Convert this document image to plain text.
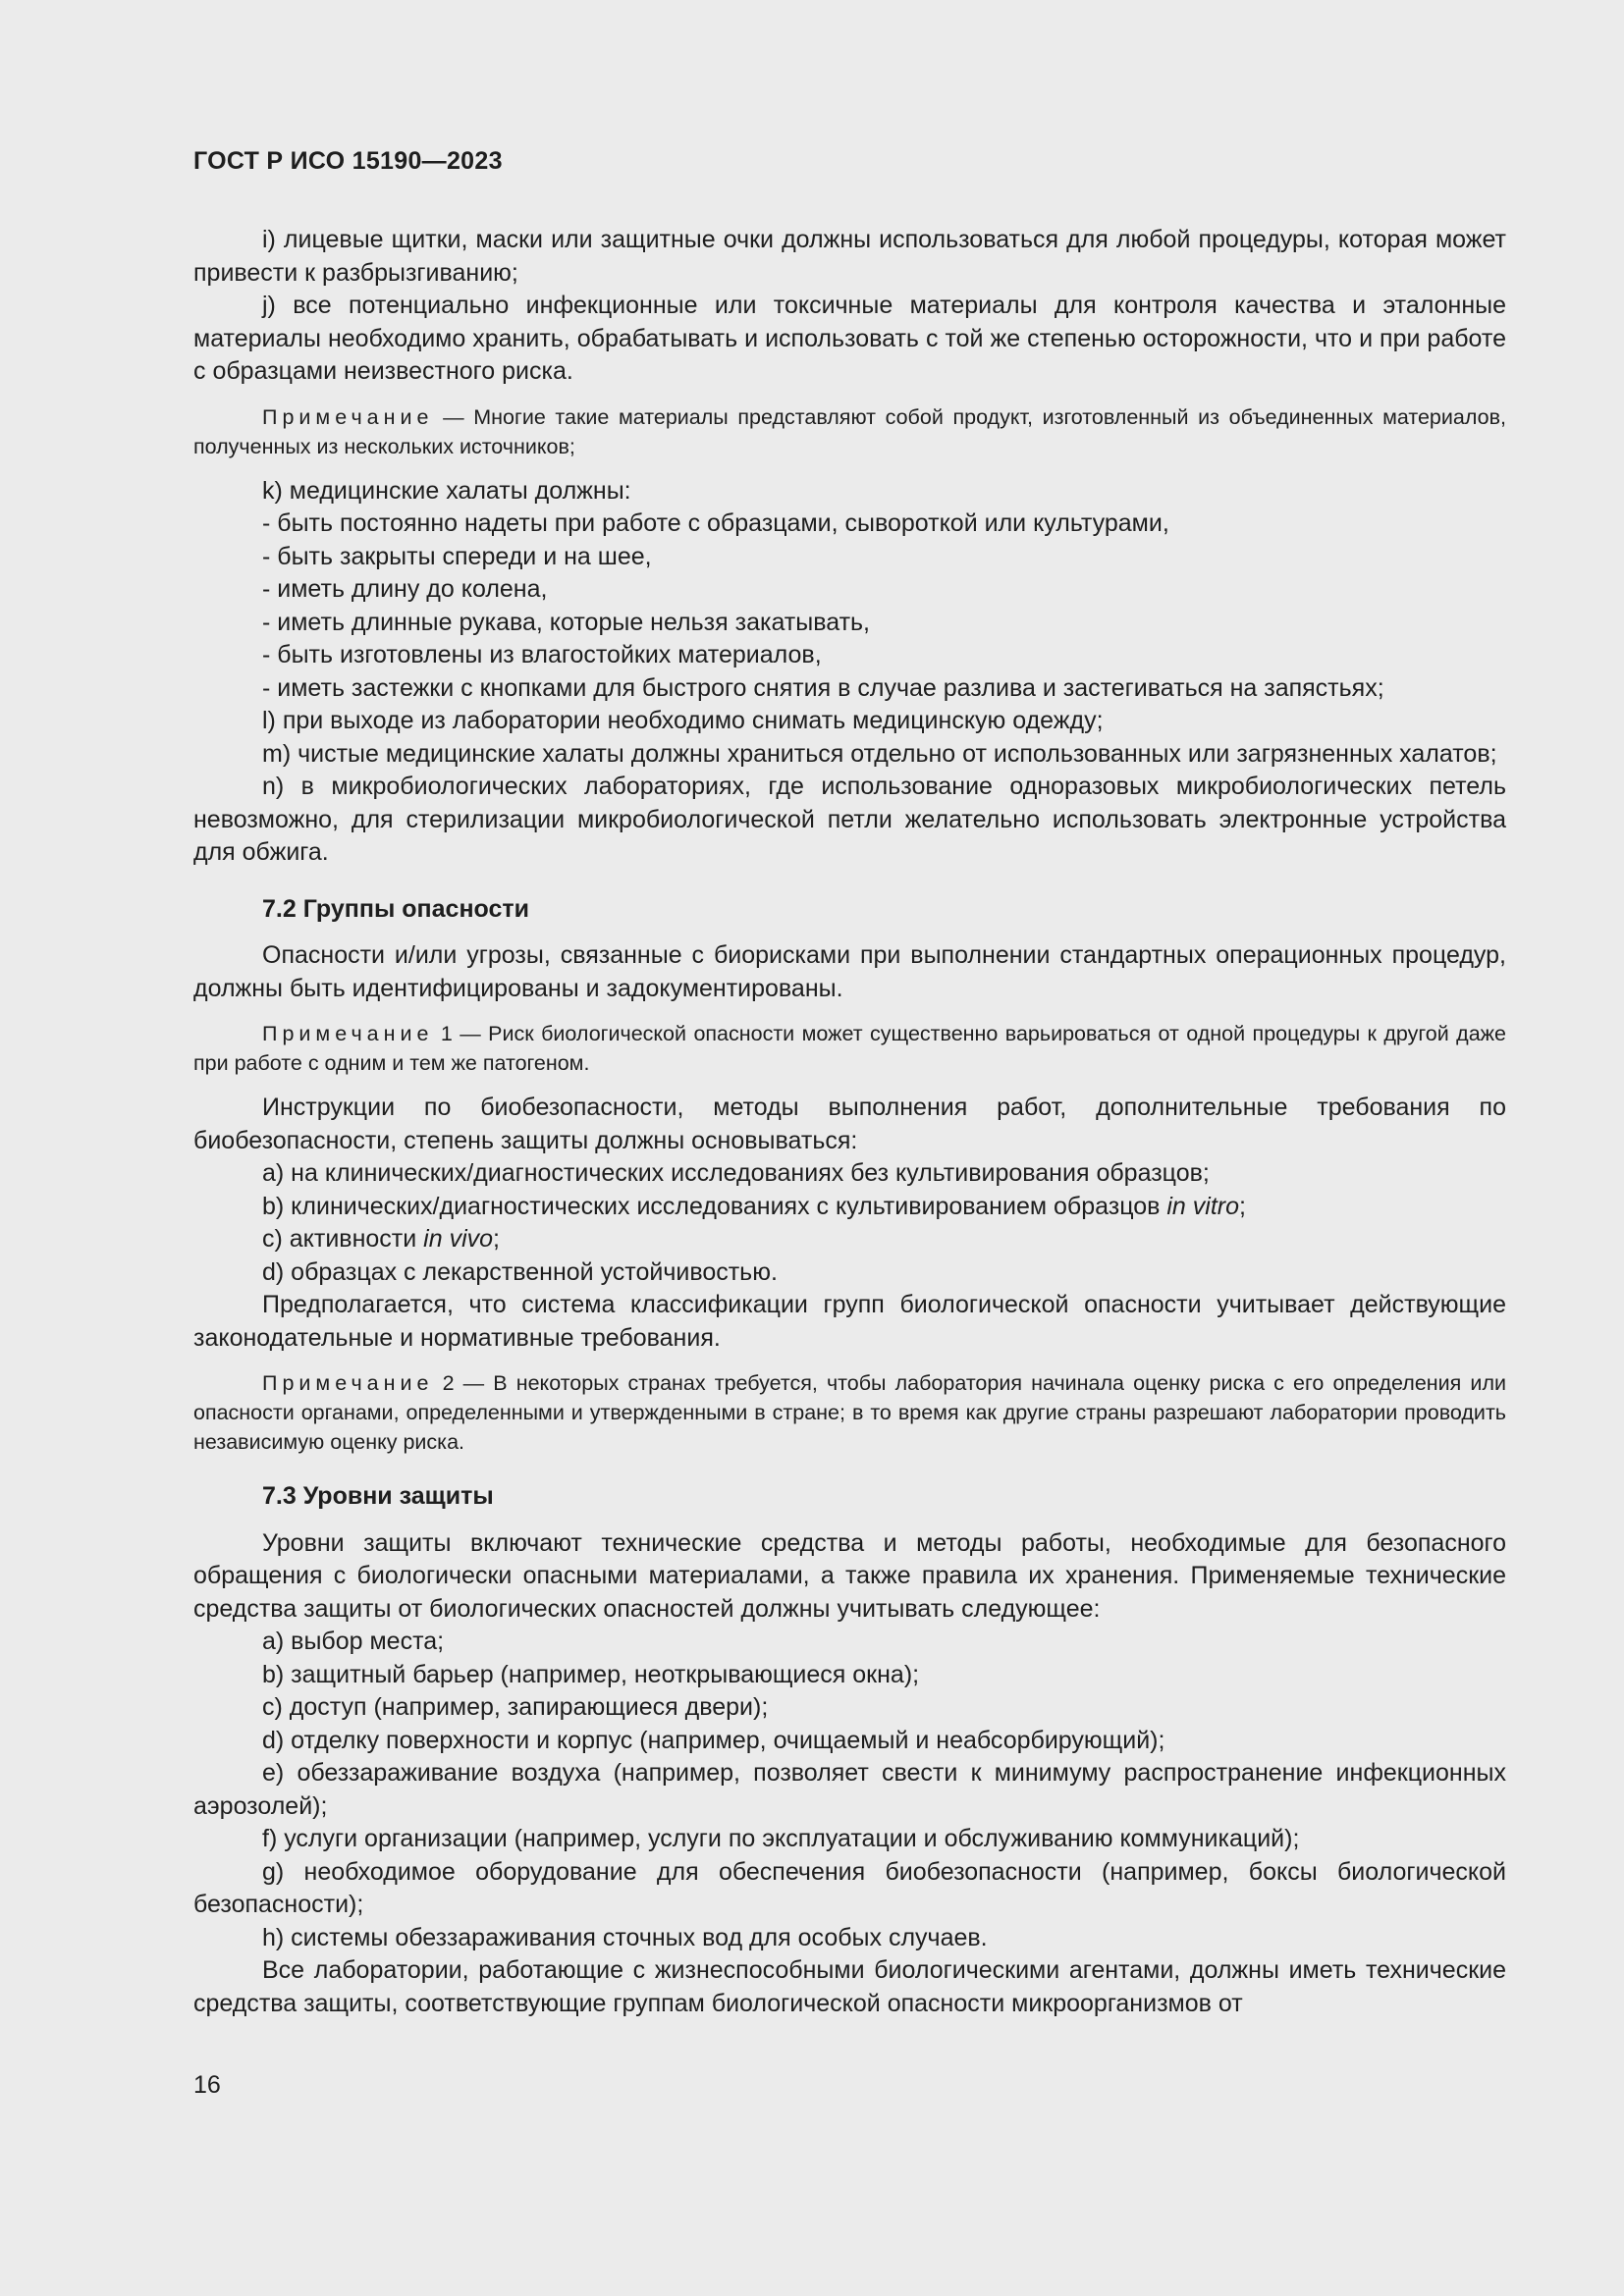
ГОСТ Р ИСО 15190—2023

i) лицевые щитки, маски или защитные очки должны использоваться для любой процедуры, которая может привести к разбрызгиванию;

j) все потенциально инфекционные или токсичные материалы для контроля качества и эталонные материалы необходимо хранить, обрабатывать и использовать с той же степенью осторожности, что и при работе с образцами неизвестного риска.

Примечание — Многие такие материалы представляют собой продукт, изготовленный из объединенных материалов, полученных из нескольких источников;

k) медицинские халаты должны:

- быть постоянно надеты при работе с образцами, сывороткой или культурами,

- быть закрыты спереди и на шее,

- иметь длину до колена,

- иметь длинные рукава, которые нельзя закатывать,

- быть изготовлены из влагостойких материалов,

- иметь застежки с кнопками для быстрого снятия в случае разлива и застегиваться на запястьях;

l) при выходе из лаборатории необходимо снимать медицинскую одежду;

m) чистые медицинские халаты должны храниться отдельно от использованных или загрязненных халатов;

n) в микробиологических лабораториях, где использование одноразовых микробиологических петель невозможно, для стерилизации микробиологической петли желательно использовать электронные устройства для обжига.

7.2 Группы опасности

Опасности и/или угрозы, связанные с биорисками при выполнении стандартных операционных процедур, должны быть идентифицированы и задокументированы.

Примечание 1 — Риск биологической опасности может существенно варьироваться от одной процедуры к другой даже при работе с одним и тем же патогеном.

Инструкции по биобезопасности, методы выполнения работ, дополнительные требования по биобезопасности, степень защиты должны основываться:

a) на клинических/диагностических исследованиях без культивирования образцов;

b) клинических/диагностических исследованиях с культивированием образцов in vitro;

c) активности in vivo;

d) образцах с лекарственной устойчивостью.

Предполагается, что система классификации групп биологической опасности учитывает действующие законодательные и нормативные требования.

Примечание 2 — В некоторых странах требуется, чтобы лаборатория начинала оценку риска с его определения или опасности органами, определенными и утвержденными в стране; в то время как другие страны разрешают лаборатории проводить независимую оценку риска.

7.3 Уровни защиты

Уровни защиты включают технические средства и методы работы, необходимые для безопасного обращения с биологически опасными материалами, а также правила их хранения. Применяемые технические средства защиты от биологических опасностей должны учитывать следующее:

a) выбор места;

b) защитный барьер (например, неоткрывающиеся окна);

c) доступ (например, запирающиеся двери);

d) отделку поверхности и корпус (например, очищаемый и неабсорбирующий);

e) обеззараживание воздуха (например, позволяет свести к минимуму распространение инфекционных аэрозолей);

f) услуги организации (например, услуги по эксплуатации и обслуживанию коммуникаций);

g) необходимое оборудование для обеспечения биобезопасности (например, боксы биологической безопасности);

h) системы обеззараживания сточных вод для особых случаев.

Все лаборатории, работающие с жизнеспособными биологическими агентами, должны иметь технические средства защиты, соответствующие группам биологической опасности микроорганизмов от

16
